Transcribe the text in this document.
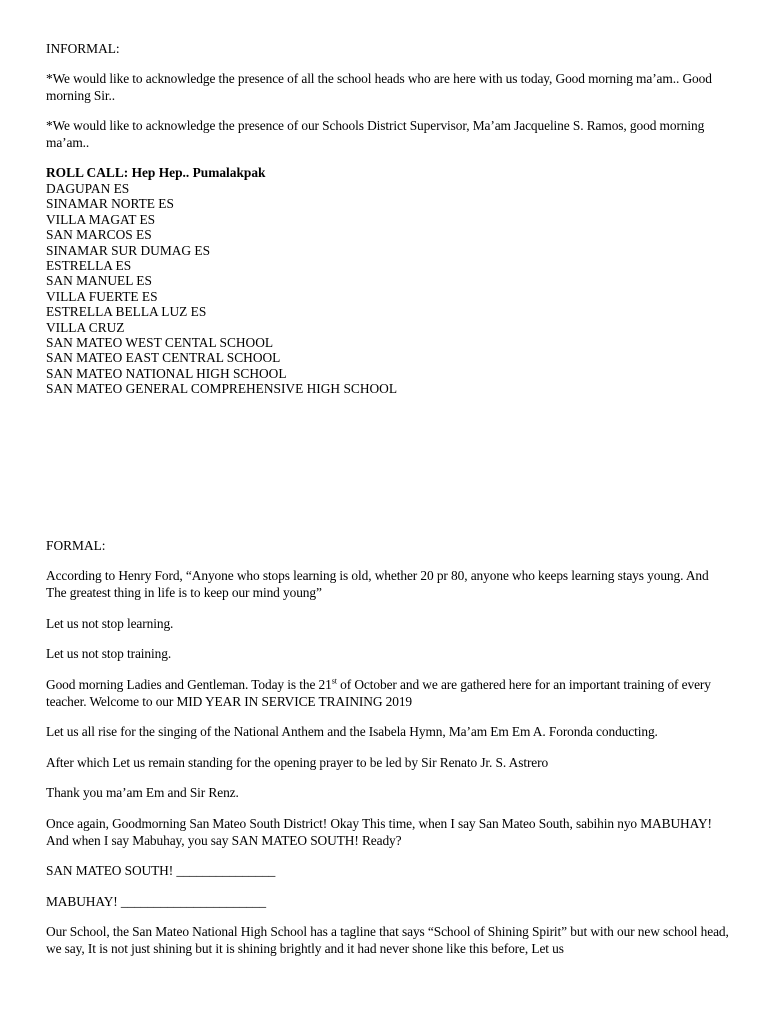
INFORMAL:

*We would like to acknowledge the presence of all the school heads who are here with us today, Good morning ma’am.. Good morning Sir..

*We would like to acknowledge the presence of our Schools District Supervisor, Ma’am Jacqueline S. Ramos, good morning ma’am..

ROLL CALL: Hep Hep.. Pumalakpak

DAGUPAN ES
SINAMAR NORTE ES
VILLA MAGAT ES
SAN MARCOS ES
SINAMAR SUR DUMAG ES
ESTRELLA ES
SAN MANUEL ES
VILLA FUERTE ES
ESTRELLA BELLA LUZ ES
VILLA CRUZ
SAN MATEO WEST CENTAL SCHOOL
SAN MATEO EAST CENTRAL SCHOOL
SAN MATEO NATIONAL HIGH SCHOOL
SAN MATEO GENERAL COMPREHENSIVE HIGH SCHOOL

FORMAL:

According to Henry Ford, “Anyone who stops learning is old, whether 20 pr 80, anyone who keeps learning stays young. And The greatest thing in life is to keep our mind young”

Let us not stop learning.

Let us not stop training.

Good morning Ladies and Gentleman. Today is the 21st of October and we are gathered here for an important training of every teacher. Welcome to our MID YEAR IN SERVICE TRAINING 2019

Let us all rise for the singing of the National Anthem and the Isabela Hymn, Ma’am Em Em A. Foronda conducting.

After which Let us remain standing for the opening prayer to be led by Sir Renato Jr. S. Astrero

Thank you ma’am Em and Sir Renz.

Once again, Goodmorning San Mateo South District! Okay This time, when I say San Mateo South, sabihin nyo MABUHAY! And when I say Mabuhay, you say SAN MATEO SOUTH! Ready?

SAN MATEO SOUTH! _______________

MABUHAY! ______________________

Our School, the San Mateo National High School has a tagline that says “School of Shining Spirit” but with our new school head, we say, It is not just shining but it is shining brightly and it had never shone like this before, Let us
